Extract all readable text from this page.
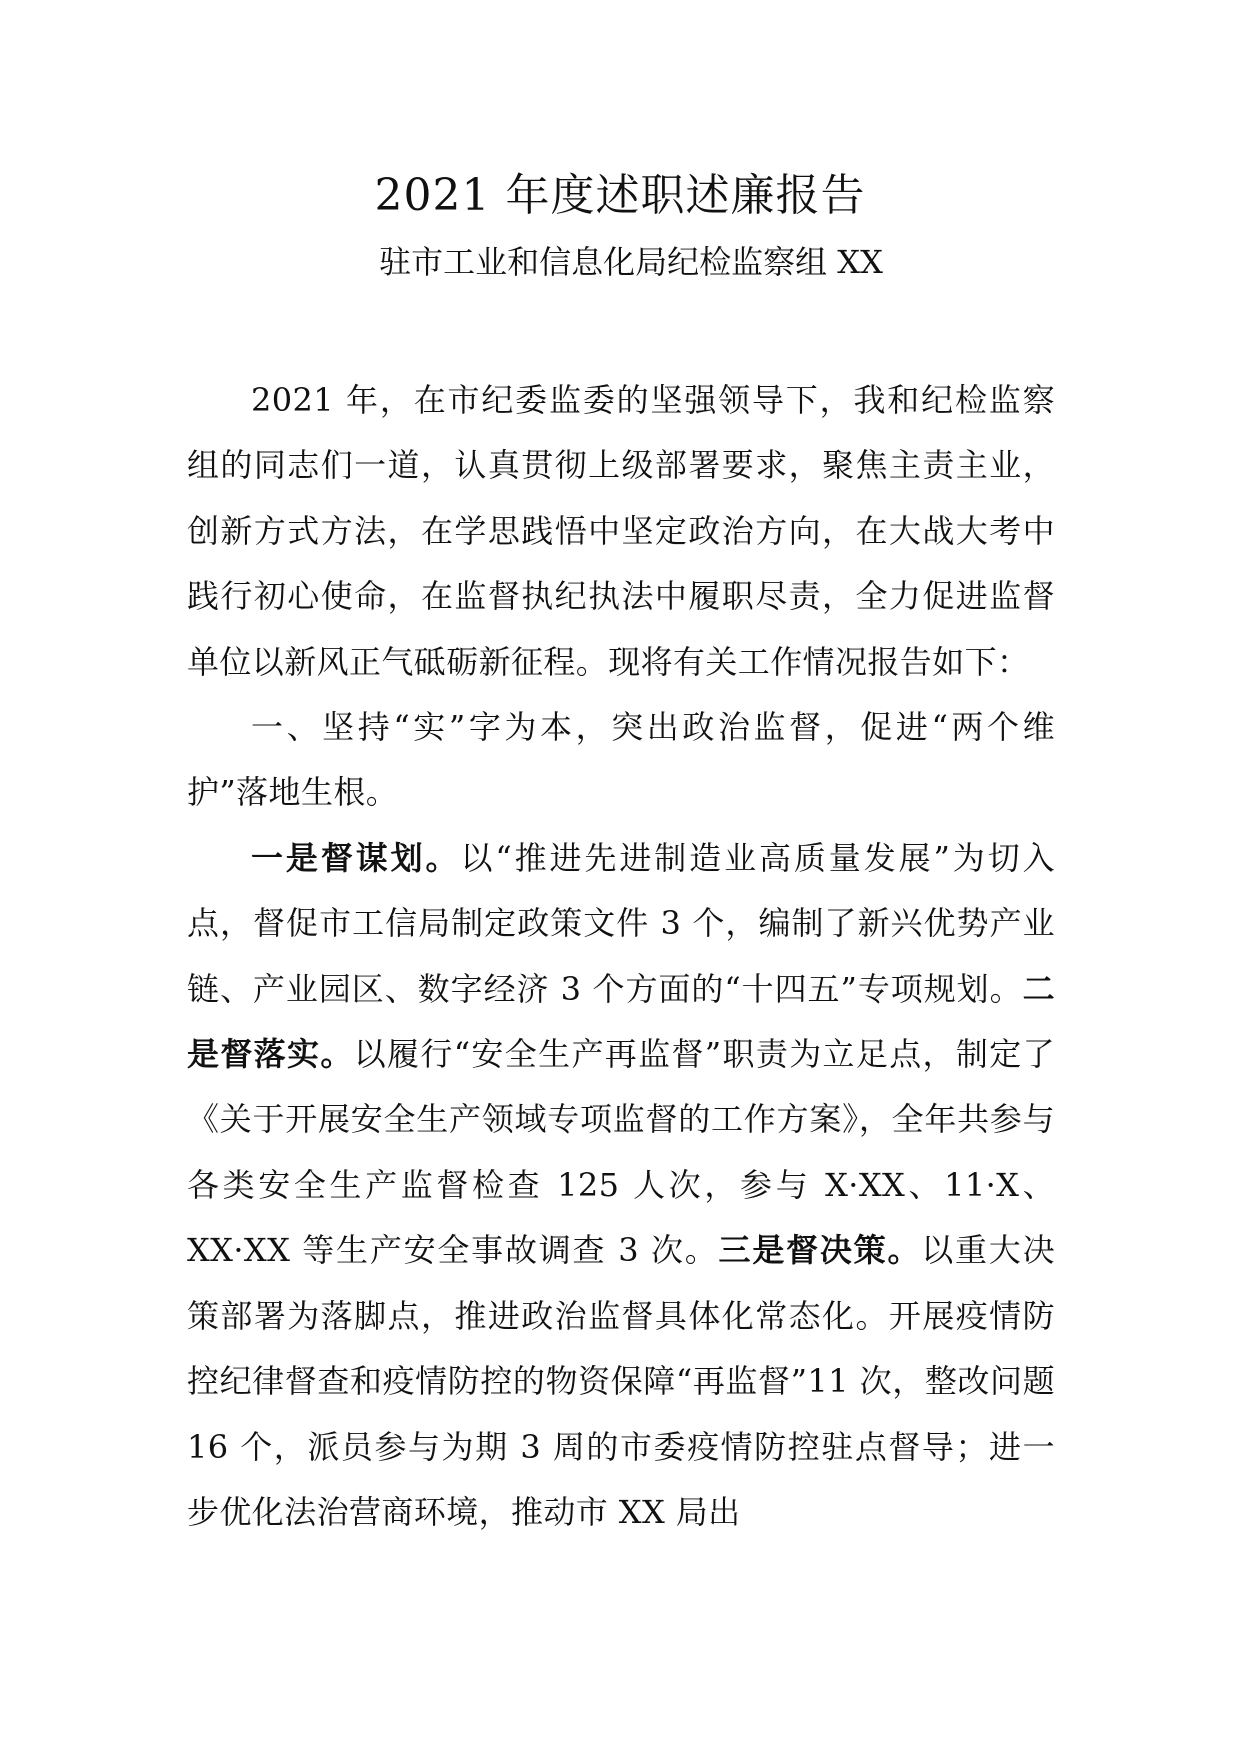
2021 年度述职述廉报告
驻市工业和信息化局纪检监察组 XX

2021 年，在市纪委监委的坚强领导下，我和纪检监察组的同志们一道，认真贯彻上级部署要求，聚焦主责主业，创新方式方法，在学思践悟中坚定政治方向，在大战大考中践行初心使命，在监督执纪执法中履职尽责，全力促进监督单位以新风正气砥砺新征程。现将有关工作情况报告如下：

一、坚持“实”字为本，突出政治监督，促进“两个维护”落地生根。

一是督谋划。以“推进先进制造业高质量发展”为切入点，督促市工信局制定政策文件 3 个，编制了新兴优势产业链、产业园区、数字经济 3 个方面的“十四五”专项规划。二是督落实。以履行“安全生产再监督”职责为立足点，制定了《关于开展安全生产领域专项监督的工作方案》，全年共参与各类安全生产监督检查 125 人次，参与 X·XX、11·X、XX·XX 等生产安全事故调查 3 次。三是督决策。以重大决策部署为落脚点，推进政治监督具体化常态化。开展疫情防控纪律督查和疫情防控的物资保障“再监督”11 次，整改问题 16 个，派员参与为期 3 周的市委疫情防控驻点督导；进一步优化法治营商环境，推动市 XX 局出
